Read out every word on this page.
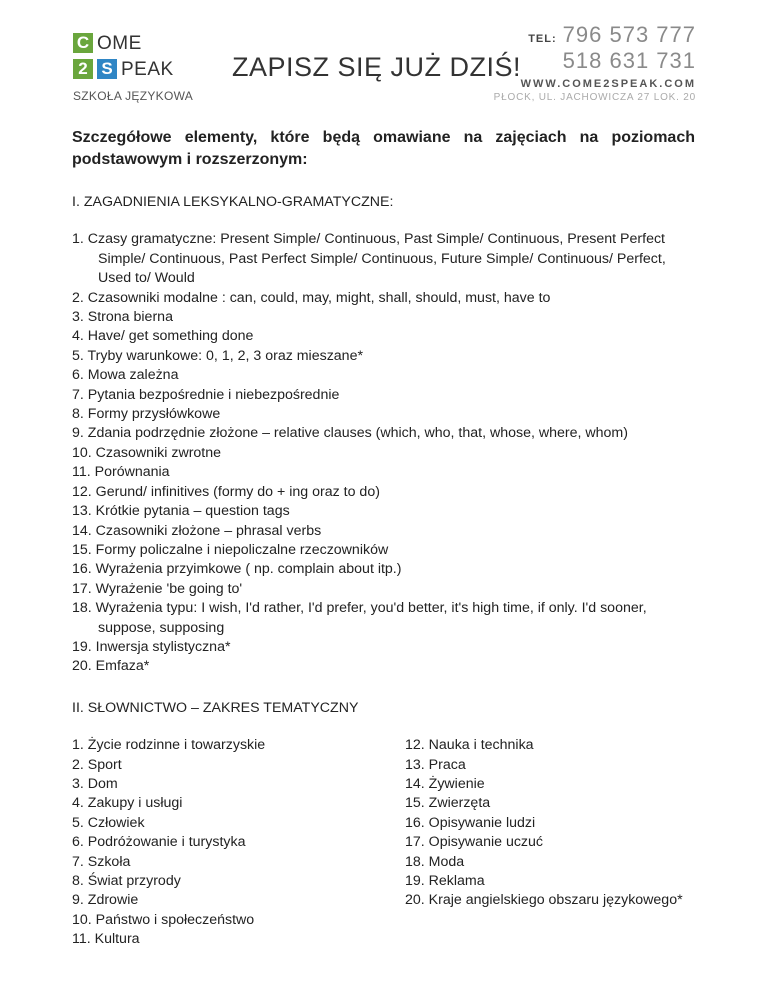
C OME
2 S PEAK
SZKOŁA JĘZYKOWA
ZAPISZ SIĘ JUŻ DZIŚ!
TEL: 796 573 777
518 631 731
WWW.COME2SPEAK.COM
PŁOCK, UL. JACHOWICZA 27 LOK. 20

Szczegółowe elementy, które będą omawiane na zajęciach na poziomach podstawowym i rozszerzonym:

I. ZAGADNIENIA LEKSYKALNO-GRAMATYCZNE:
1. Czasy gramatyczne: Present Simple/ Continuous, Past Simple/ Continuous, Present Perfect Simple/ Continuous, Past Perfect Simple/ Continuous, Future Simple/ Continuous/ Perfect, Used to/ Would
2. Czasowniki modalne : can, could, may, might, shall, should, must, have to
3. Strona bierna
4. Have/ get something done
5. Tryby warunkowe: 0, 1, 2, 3 oraz mieszane*
6. Mowa zależna
7. Pytania bezpośrednie i niebezpośrednie
8. Formy przysłówkowe
9. Zdania podrzędnie złożone – relative clauses (which, who, that, whose, where, whom)
10. Czasowniki zwrotne
11. Porównania
12. Gerund/ infinitives (formy do + ing oraz to do)
13. Krótkie pytania – question tags
14. Czasowniki złożone – phrasal verbs
15. Formy policzalne i niepoliczalne rzeczowników
16. Wyrażenia przyimkowe ( np. complain about itp.)
17. Wyrażenie 'be going to'
18. Wyrażenia typu: I wish, I'd rather, I'd prefer, you'd better, it's high time, if only. I'd sooner, suppose, supposing
19. Inwersja stylistyczna*
20. Emfaza*
II. SŁOWNICTWO – ZAKRES TEMATYCZNY
1. Życie rodzinne i towarzyskie
2. Sport
3. Dom
4. Zakupy i usługi
5. Człowiek
6. Podróżowanie i turystyka
7. Szkoła
8. Świat przyrody
9. Zdrowie
10. Państwo i społeczeństwo
11. Kultura
12. Nauka i technika
13. Praca
14. Żywienie
15. Zwierzęta
16. Opisywanie ludzi
17. Opisywanie uczuć
18. Moda
19. Reklama
20. Kraje angielskiego obszaru językowego*
